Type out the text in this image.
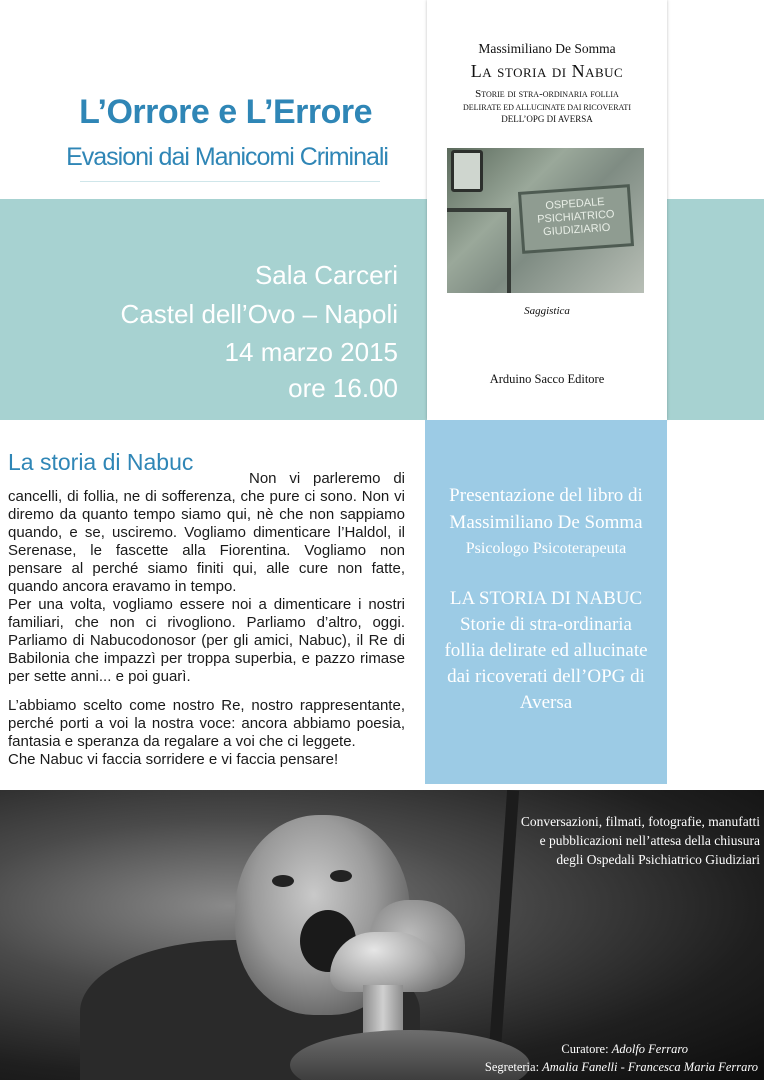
L’Orrore e L’Errore
Evasioni dai Manicomi Criminali
Sala Carceri
Castel dell’Ovo – Napoli
14 marzo 2015
ore 16.00
Massimiliano De Somma
La storia di Nabuc
Storie di stra-ordinaria follia
DELIRATE ED ALLUCINATE DAI RICOVERATI
DELL’OPG DI AVERSA
OSPEDALE
PSICHIATRICO
GIUDIZIARIO
Saggistica
Arduino Sacco Editore
Presentazione del libro di
Massimiliano De Somma
Psicologo Psicoterapeuta
LA STORIA DI NABUC
Storie di stra-ordinaria
follia delirate ed allucinate
dai ricoverati dell’OPG di
Aversa
La storia di Nabuc
Non vi parleremo di
cancelli, di follia, ne di sofferenza, che pure ci sono. Non vi
diremo da quanto tempo siamo qui, nè che non sappiamo
quando, e se, usciremo. Vogliamo dimenticare l’Haldol, il
Serenase, le fascette alla Fiorentina. Vogliamo non
pensare al perché siamo finiti qui, alle cure non fatte,
quando ancora eravamo in tempo.
Per una volta, vogliamo essere noi a dimenticare i nostri
familiari, che non ci rivogliono. Parliamo d’altro, oggi.
Parliamo di Nabucodonosor (per gli amici, Nabuc), il Re di
Babilonia che impazzì per troppa superbia, e pazzo rimase
per sette anni... e poi guarì.
L’abbiamo scelto come nostro Re, nostro rappresentante,
perché porti a voi la nostra voce: ancora abbiamo poesia,
fantasia e speranza da regalare a voi che ci leggete.
Che Nabuc vi faccia sorridere e vi faccia pensare!
Conversazioni, filmati, fotografie, manufatti
e pubblicazioni nell’attesa della chiusura
degli Ospedali Psichiatrico Giudiziari
Curatore: Adolfo Ferraro
Segreteria: Amalia Fanelli - Francesca Maria Ferraro
